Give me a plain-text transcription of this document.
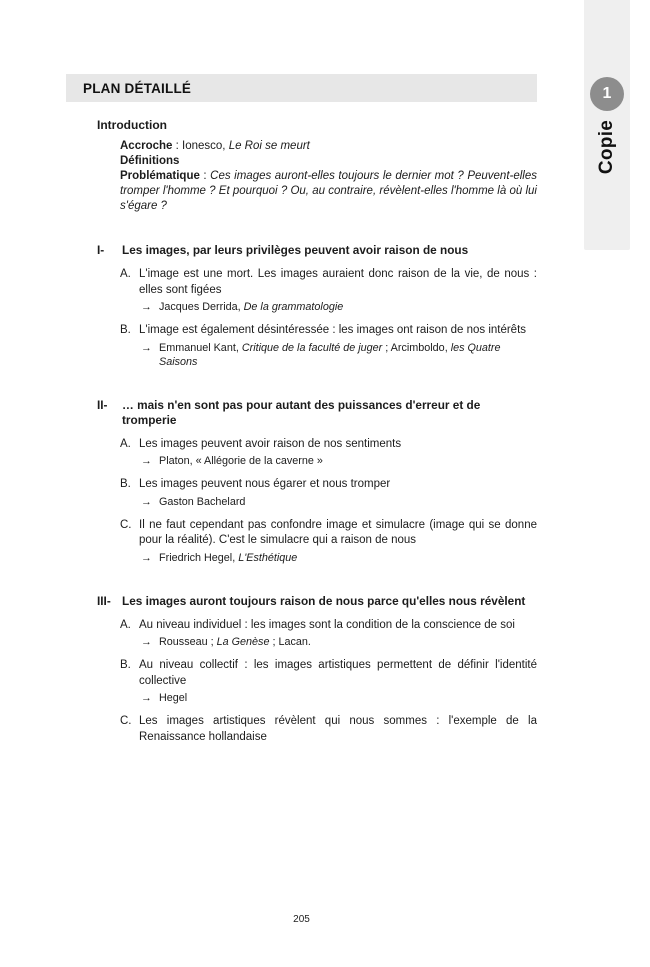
1
Copie
PLAN DÉTAILLÉ
Introduction

Accroche : Ionesco, Le Roi se meurt

Définitions

Problématique : Ces images auront-elles toujours le dernier mot ? Peuvent-elles tromper l'homme ? Et pourquoi ? Ou, au contraire, révèlent-elles l'homme là où lui s'égare ?

I-	Les images, par leurs privilèges peuvent avoir raison de nous
A. L'image est une mort. Les images auraient donc raison de la vie, de nous : elles sont figées

→ Jacques Derrida, De la grammatologie

B. L'image est également désintéressée : les images ont raison de nos intérêts

→ Emmanuel Kant, Critique de la faculté de juger ; Arcimboldo, les Quatre Saisons

II-	… mais n'en sont pas pour autant des puissances d'erreur et de tromperie
A. Les images peuvent avoir raison de nos sentiments

→ Platon, « Allégorie de la caverne »

B. Les images peuvent nous égarer et nous tromper

→ Gaston Bachelard

C. Il ne faut cependant pas confondre image et simulacre (image qui se donne pour la réalité). C'est le simulacre qui a raison de nous

→ Friedrich Hegel, L'Esthétique

III- Les images auront toujours raison de nous parce qu'elles nous révèlent
A. Au niveau individuel : les images sont la condition de la conscience de soi

→ Rousseau ; La Genèse ; Lacan.

B. Au niveau collectif : les images artistiques permettent de définir l'identité collective

→ Hegel

C. Les images artistiques révèlent qui nous sommes : l'exemple de la Renaissance hollandaise

205
